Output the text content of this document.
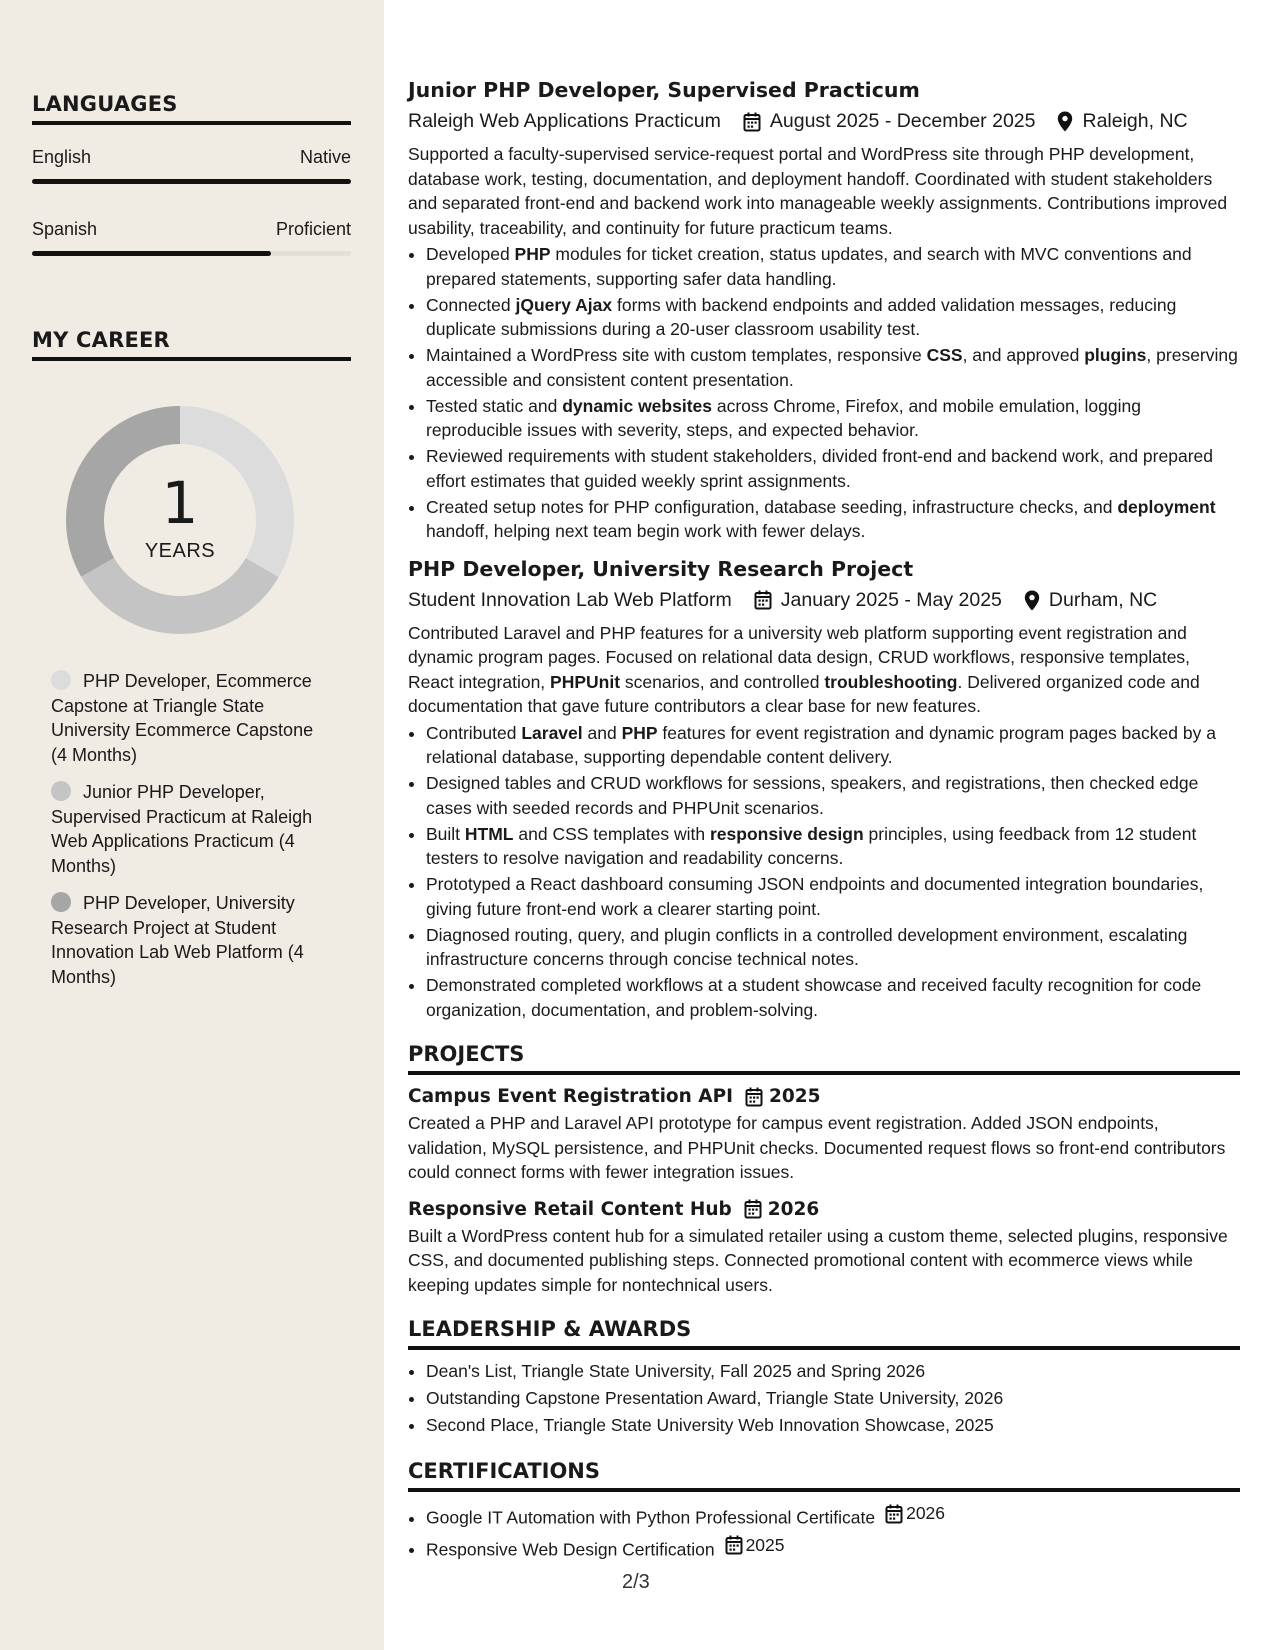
LANGUAGES
English	Native
Spanish	Proficient
MY CAREER
1
YEARS
PHP Developer, Ecommerce Capstone at Triangle State University Ecommerce Capstone (4 Months)
Junior PHP Developer, Supervised Practicum at Raleigh Web Applications Practicum (4 Months)
PHP Developer, University Research Project at Student Innovation Lab Web Platform (4 Months)
Junior PHP Developer, Supervised Practicum
Raleigh Web Applications Practicum	August 2025 - December 2025 Raleigh, NC

Supported a faculty-supervised service-request portal and WordPress site through PHP development, database work, testing, documentation, and deployment handoff. Coordinated with student stakeholders and separated front-end and backend work into manageable weekly assignments. Contributions improved usability, traceability, and continuity for future practicum teams.

• Developed PHP modules for ticket creation, status updates, and search with MVC conventions and prepared statements, supporting safer data handling.
• Connected jQuery Ajax forms with backend endpoints and added validation messages, reducing duplicate submissions during a 20-user classroom usability test.
• Maintained a WordPress site with custom templates, responsive CSS, and approved plugins, preserving accessible and consistent content presentation.
• Tested static and dynamic websites across Chrome, Firefox, and mobile emulation, logging reproducible issues with severity, steps, and expected behavior.
• Reviewed requirements with student stakeholders, divided front-end and backend work, and prepared effort estimates that guided weekly sprint assignments.
• Created setup notes for PHP configuration, database seeding, infrastructure checks, and deployment handoff, helping next team begin work with fewer delays.
PHP Developer, University Research Project
Student Innovation Lab Web Platform	January 2025 - May 2025 Durham, NC

Contributed Laravel and PHP features for a university web platform supporting event registration and dynamic program pages. Focused on relational data design, CRUD workflows, responsive templates, React integration, PHPUnit scenarios, and controlled troubleshooting. Delivered organized code and documentation that gave future contributors a clear base for new features.

• Contributed Laravel and PHP features for event registration and dynamic program pages backed by a relational database, supporting dependable content delivery.
• Designed tables and CRUD workflows for sessions, speakers, and registrations, then checked edge cases with seeded records and PHPUnit scenarios.
• Built HTML and CSS templates with responsive design principles, using feedback from 12 student testers to resolve navigation and readability concerns.
• Prototyped a React dashboard consuming JSON endpoints and documented integration boundaries, giving future front-end work a clearer starting point.
• Diagnosed routing, query, and plugin conflicts in a controlled development environment, escalating infrastructure concerns through concise technical notes.
• Demonstrated completed workflows at a student showcase and received faculty recognition for code organization, documentation, and problem-solving.
PROJECTS
Campus Event Registration API 2025

Created a PHP and Laravel API prototype for campus event registration. Added JSON endpoints, validation, MySQL persistence, and PHPUnit checks. Documented request flows so front-end contributors could connect forms with fewer integration issues.

Responsive Retail Content Hub 2026

Built a WordPress content hub for a simulated retailer using a custom theme, selected plugins, responsive CSS, and documented publishing steps. Connected promotional content with ecommerce views while keeping updates simple for nontechnical users.

LEADERSHIP & AWARDS
• Dean's List, Triangle State University, Fall 2025 and Spring 2026
• Outstanding Capstone Presentation Award, Triangle State University, 2026
• Second Place, Triangle State University Web Innovation Showcase, 2025
CERTIFICATIONS
• Google IT Automation with Python Professional Certificate 2026
• Responsive Web Design Certification 2025
2/3
